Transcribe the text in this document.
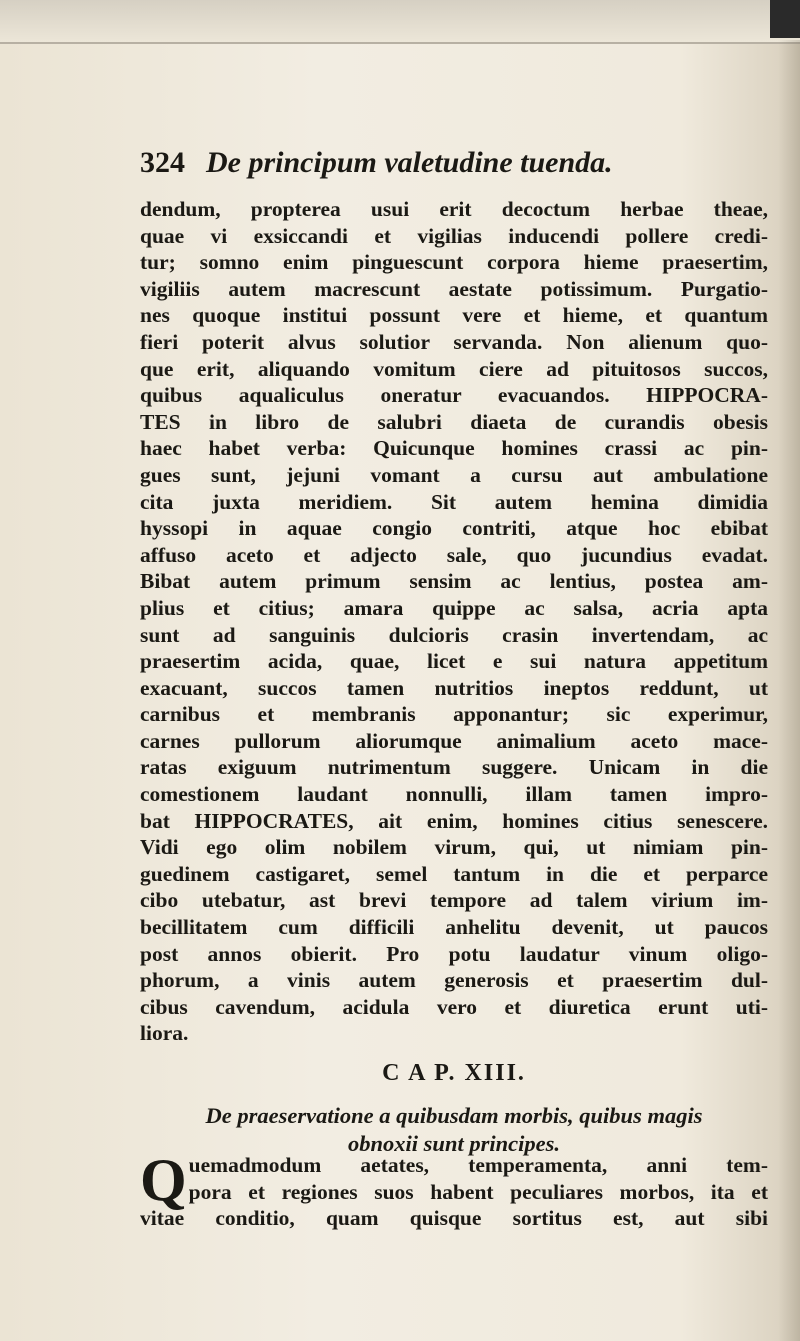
324 De principum valetudine tuenda.
dendum, propterea usui erit decoctum herbae theae,
quae vi exsiccandi et vigilias inducendi pollere credi-
tur; somno enim pinguescunt corpora hieme praesertim,
vigiliis autem macrescunt aestate potissimum. Purgatio-
nes quoque institui possunt vere et hieme, et quantum
fieri poterit alvus solutior servanda. Non alienum quo-
que erit, aliquando vomitum ciere ad pituitosos succos,
quibus aqualiculus oneratur evacuandos. HIPPOCRA-
TES in libro de salubri diaeta de curandis obesis
haec habet verba: Quicunque homines crassi ac pin-
gues sunt, jejuni vomant a cursu aut ambulatione
cita juxta meridiem. Sit autem hemina dimidia
hyssopi in aquae congio contriti, atque hoc ebibat
affuso aceto et adjecto sale, quo jucundius evadat.
Bibat autem primum sensim ac lentius, postea am-
plius et citius; amara quippe ac salsa, acria apta
sunt ad sanguinis dulcioris crasin invertendam, ac
praesertim acida, quae, licet e sui natura appetitum
exacuant, succos tamen nutritios ineptos reddunt, ut
carnibus et membranis apponantur; sic experimur,
carnes pullorum aliorumque animalium aceto mace-
ratas exiguum nutrimentum suggere. Unicam in die
comestionem laudant nonnulli, illam tamen impro-
bat HIPPOCRATES, ait enim, homines citius senescere.
Vidi ego olim nobilem virum, qui, ut nimiam pin-
guedinem castigaret, semel tantum in die et perparce
cibo utebatur, ast brevi tempore ad talem virium im-
becillitatem cum difficili anhelitu devenit, ut paucos
post annos obierit. Pro potu laudatur vinum oligo-
phorum, a vinis autem generosis et praesertim dul-
cibus cavendum, acidula vero et diuretica erunt uti-
liora.
C A P. XIII.
De praeservatione a quibusdam morbis, quibus magis
obnoxii sunt principes.
Q uemadmodum aetates, temperamenta, anni tem-
pora et regiones suos habent peculiares morbos, ita et
vitae conditio, quam quisque sortitus est, aut sibi
